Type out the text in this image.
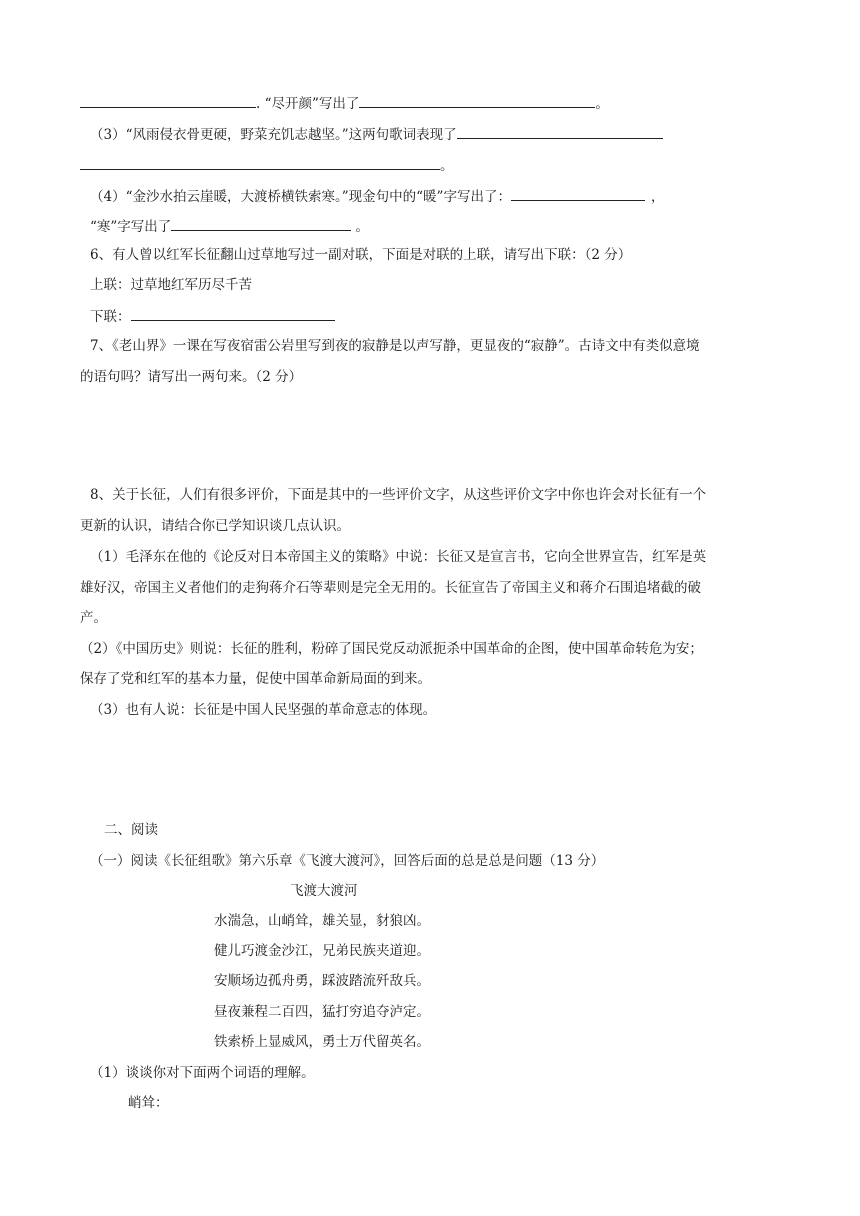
. “尽开颜”写出了	。
（3）“风雨侵衣骨更硬，野菜充饥志越坚。”这两句歌词表现了
。
（4）“金沙水拍云崖暖，大渡桥横铁索寒。”现金句中的“暖”字写出了：	，
“寒”字写出了	。
6、有人曾以红军长征翻山过草地写过一副对联，下面是对联的上联，请写出下联：（2 分）
上联：过草地红军历尽千苦
下联：
7、《老山界》一课在写夜宿雷公岩里写到夜的寂静是以声写静，更显夜的“寂静”。古诗文中有类似意境
的语句吗？请写出一两句来。（2 分）
8、关于长征，人们有很多评价，下面是其中的一些评价文字，从这些评价文字中你也许会对长征有一个
更新的认识，请结合你已学知识谈几点认识。
（1）毛泽东在他的《论反对日本帝国主义的策略》中说：长征又是宣言书，它向全世界宣告，红军是英
雄好汉，帝国主义者他们的走狗蒋介石等辈则是完全无用的。长征宣告了帝国主义和蒋介石围追堵截的破
产。
（2）《中国历史》则说：长征的胜利，粉碎了国民党反动派扼杀中国革命的企图，使中国革命转危为安；
保存了党和红军的基本力量，促使中国革命新局面的到来。
（3）也有人说：长征是中国人民坚强的革命意志的体现。
二、阅读
（一）阅读《长征组歌》第六乐章《飞渡大渡河》，回答后面的总是总是问题（13 分）
飞渡大渡河
水湍急，山峭耸，雄关显，豺狼凶。
健儿巧渡金沙江，兄弟民族夹道迎。
安顺场边孤舟勇，踩波踏流歼敌兵。
昼夜兼程二百四，猛打穷追夺泸定。
铁索桥上显威风，勇士万代留英名。
（1）谈谈你对下面两个词语的理解。
峭耸：
